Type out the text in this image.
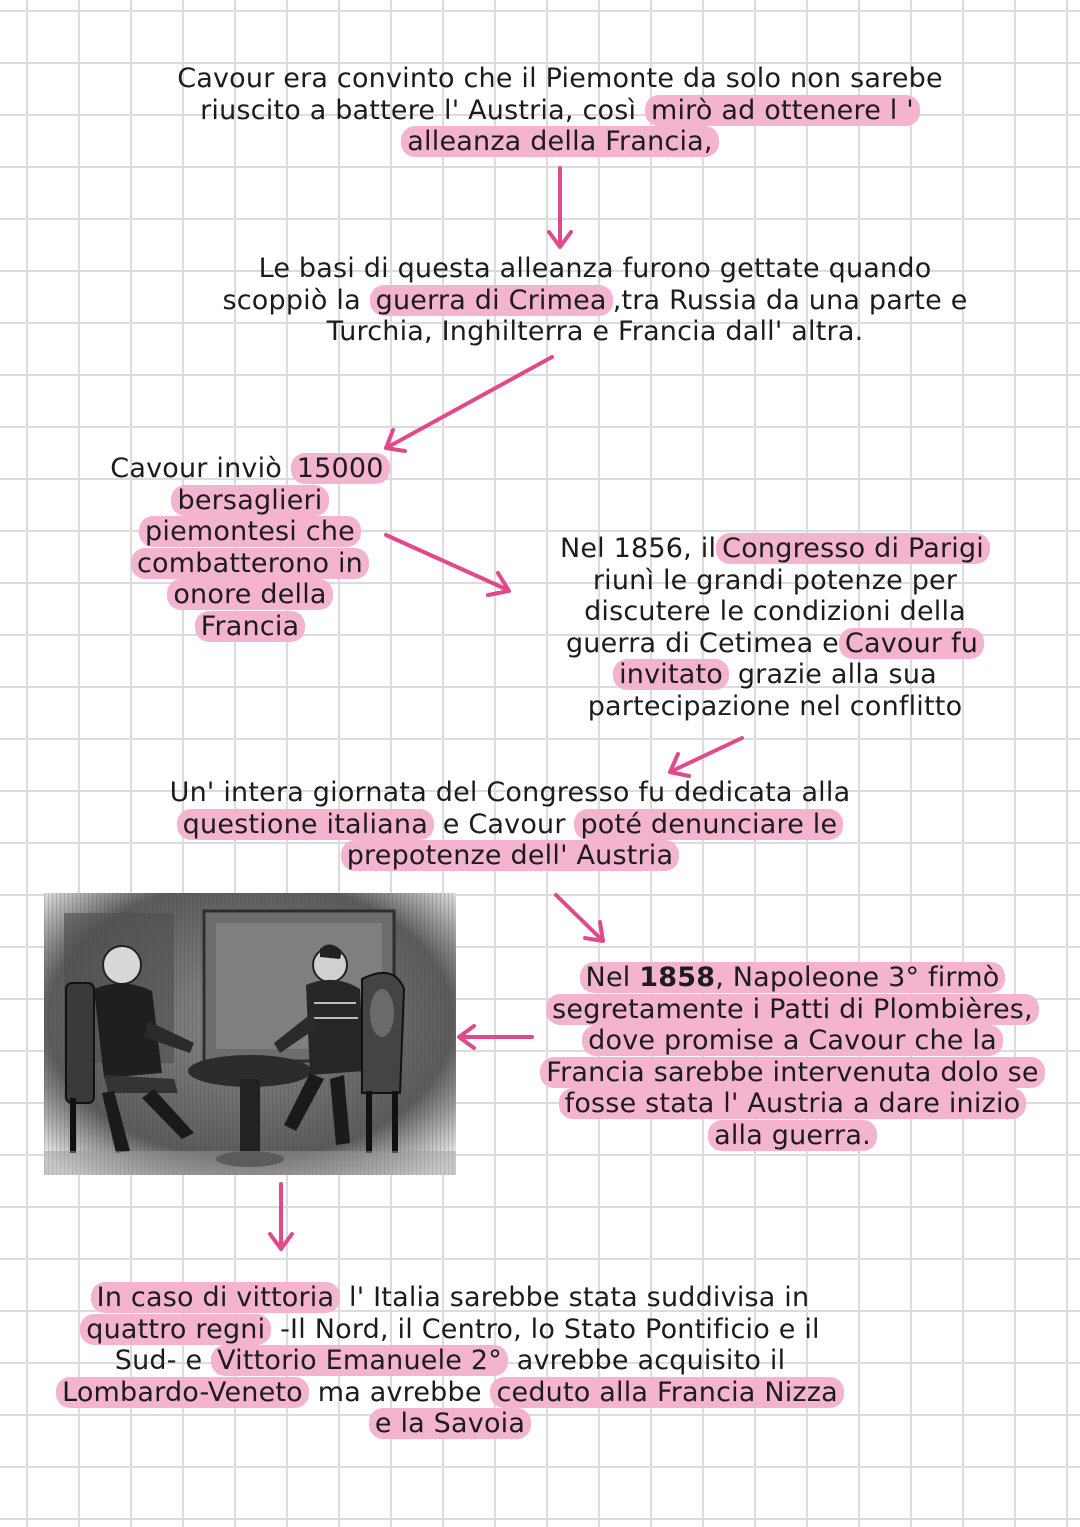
Cavour era convinto che il Piemonte da solo non sarebe
riuscito a battere l' Austria, così mirò ad ottenere l '
alleanza della Francia,
Le basi di questa alleanza furono gettate quando
scoppiò la guerra di Crimea ,tra Russia da una parte e
Turchia, Inghilterra e Francia dall' altra.
Cavour inviò 15000
bersaglieri
piemontesi che
combatterono in
onore della
Francia
Nel 1856, il Congresso di Parigi
riunì le grandi potenze per
discutere le condizioni della
guerra di Cetimea e Cavour fu
invitato grazie alla sua
partecipazione nel conflitto
Un' intera giornata del Congresso fu dedicata alla
questione italiana e Cavour poté denunciare le
prepotenze dell' Austria
Nel 1858, Napoleone 3° firmò
segretamente i Patti di Plombières,
dove promise a Cavour che la
Francia sarebbe intervenuta dolo se
fosse stata l' Austria a dare inizio
alla guerra.
In caso di vittoria l' Italia sarebbe stata suddivisa in
quattro regni -Il Nord, il Centro, lo Stato Pontificio e il
Sud- e Vittorio Emanuele 2° avrebbe acquisito il
Lombardo-Veneto ma avrebbe ceduto alla Francia Nizza
e la Savoia
